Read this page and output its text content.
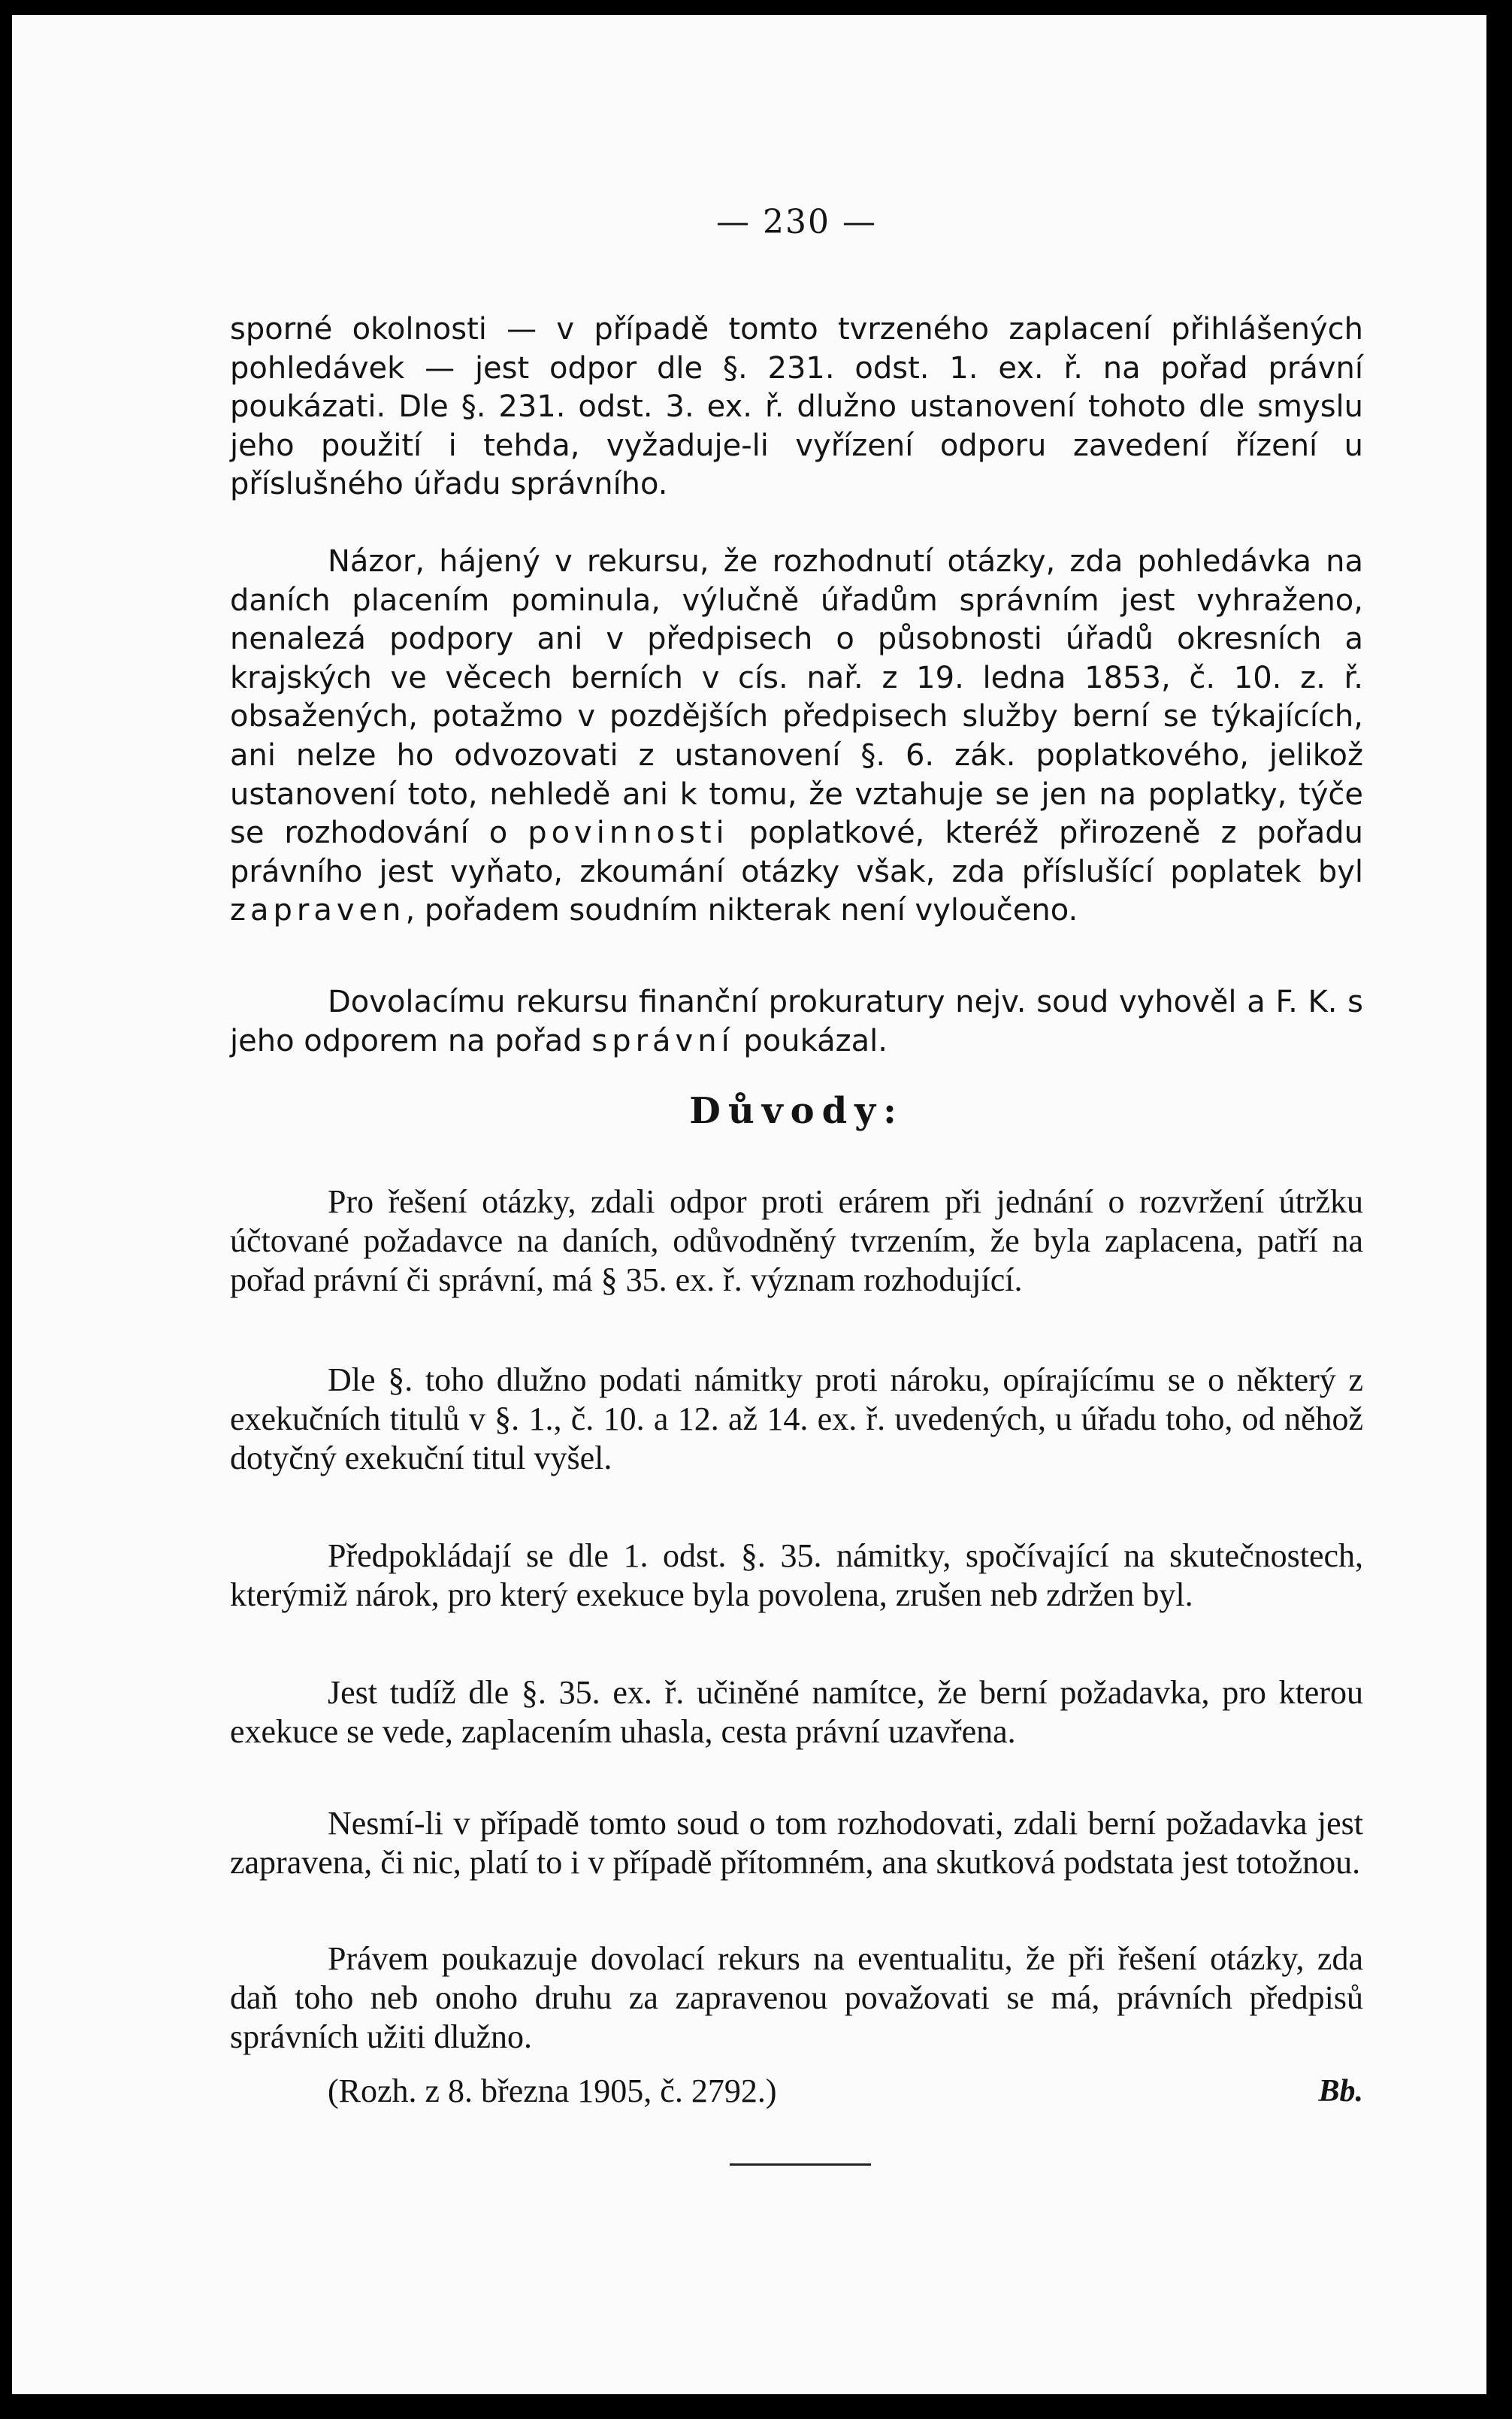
— 230 —

sporné okolnosti — v případě tomto tvrzeného zaplacení přihlášených pohledávek — jest odpor dle §. 231. odst. 1. ex. ř. na pořad právní poukázati. Dle §. 231. odst. 3. ex. ř. dlužno ustanovení tohoto dle smyslu jeho použití i tehda, vyžaduje-li vyřízení odporu zavedení řízení u příslušného úřadu správního.

Názor, hájený v rekursu, že rozhodnutí otázky, zda pohledávka na daních placením pominula, výlučně úřadům správním jest vyhraženo, nenalezá podpory ani v předpisech o působnosti úřadů okresních a krajských ve věcech berních v cís. nař. z 19. ledna 1853, č. 10. z. ř. obsažených, potažmo v pozdějších předpisech služby berní se týkajících, ani nelze ho odvozovati z ustanovení §. 6. zák. poplatkového, jelikož ustanovení toto, nehledě ani k tomu, že vztahuje se jen na poplatky, týče se rozhodování o povinnosti poplatkové, kteréž přirozeně z pořadu právního jest vyňato, zkoumání otázky však, zda příslušící poplatek byl zapraven, pořadem soudním nikterak není vyloučeno.

Dovolacímu rekursu finanční prokuratury nejv. soud vyhověl a F. K. s jeho odporem na pořad správní poukázal.

Důvody:

Pro řešení otázky, zdali odpor proti erárem při jednání o rozvržení útržku účtované požadavce na daních, odůvodněný tvrzením, že byla zaplacena, patří na pořad právní či správní, má § 35. ex. ř. význam rozhodující.

Dle §. toho dlužno podati námitky proti nároku, opírajícímu se o některý z exekučních titulů v §. 1., č. 10. a 12. až 14. ex. ř. uvedených, u úřadu toho, od něhož dotyčný exekuční titul vyšel.

Předpokládají se dle 1. odst. §. 35. námitky, spočívající na skutečnostech, kterýmiž nárok, pro který exekuce byla povolena, zrušen neb zdržen byl.

Jest tudíž dle §. 35. ex. ř. učiněné namítce, že berní požadavka, pro kterou exekuce se vede, zaplacením uhasla, cesta právní uzavřena.

Nesmí-li v případě tomto soud o tom rozhodovati, zdali berní požadavka jest zapravena, či nic, platí to i v případě přítomném, ana skutková podstata jest totožnou.

Právem poukazuje dovolací rekurs na eventualitu, že při řešení otázky, zda daň toho neb onoho druhu za zapravenou považovati se má, právních předpisů správních užiti dlužno.

(Rozh. z 8. března 1905, č. 2792.)	Bb.
